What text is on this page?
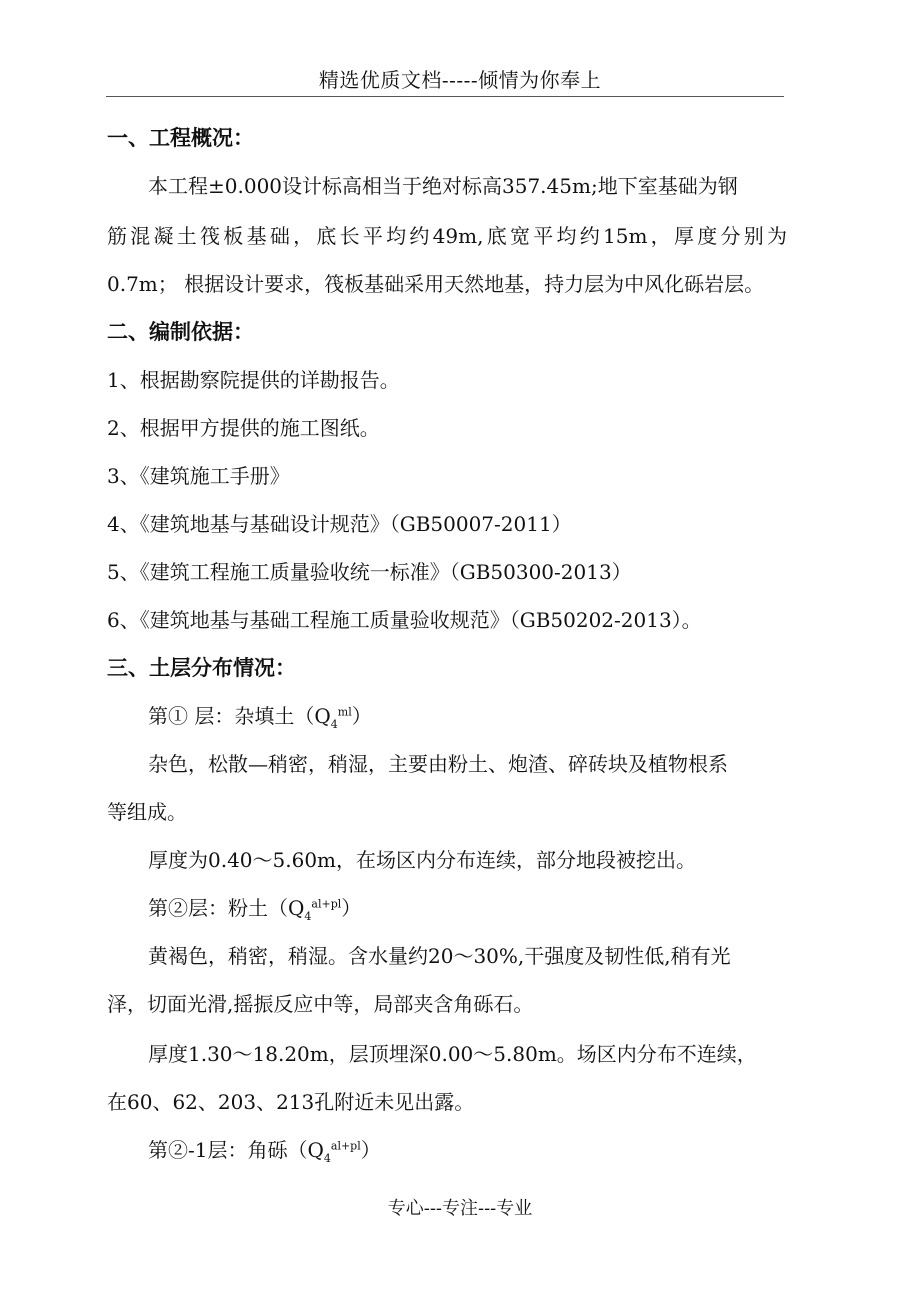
精选优质文档-----倾情为你奉上
一、工程概况：
本工程±0.000设计标高相当于绝对标高357.45m;地下室基础为钢
筋混凝土筏板基础，底长平均约49m,底宽平均约15m，厚度分别为
0.7m； 根据设计要求，筏板基础采用天然地基，持力层为中风化砾岩层。
二、编制依据：
1、根据勘察院提供的详勘报告。
2、根据甲方提供的施工图纸。
3、《建筑施工手册》
4、《建筑地基与基础设计规范》（GB50007-2011）
5、《建筑工程施工质量验收统一标准》（GB50300-2013）
6、《建筑地基与基础工程施工质量验收规范》（GB50202-2013）。
三、土层分布情况：
第① 层：杂填土$(Q_4^{ml})$
杂色，松散—稍密，稍湿，主要由粉土、炮渣、碎砖块及植物根系
等组成。
厚度为0.40～5.60m，在场区内分布连续，部分地段被挖出。
第②层：粉土$(Q_4^{al+pl})$
黄褐色，稍密，稍湿。含水量约20～30%,干强度及韧性低,稍有光
泽，切面光滑,摇振反应中等，局部夹含角砾石。
厚度1.30～18.20m，层顶埋深0.00～5.80m。场区内分布不连续，
在60、62、203、213孔附近未见出露。
第②-1层：角砾$(Q_4^{al+pl})$
专心---专注---专业
